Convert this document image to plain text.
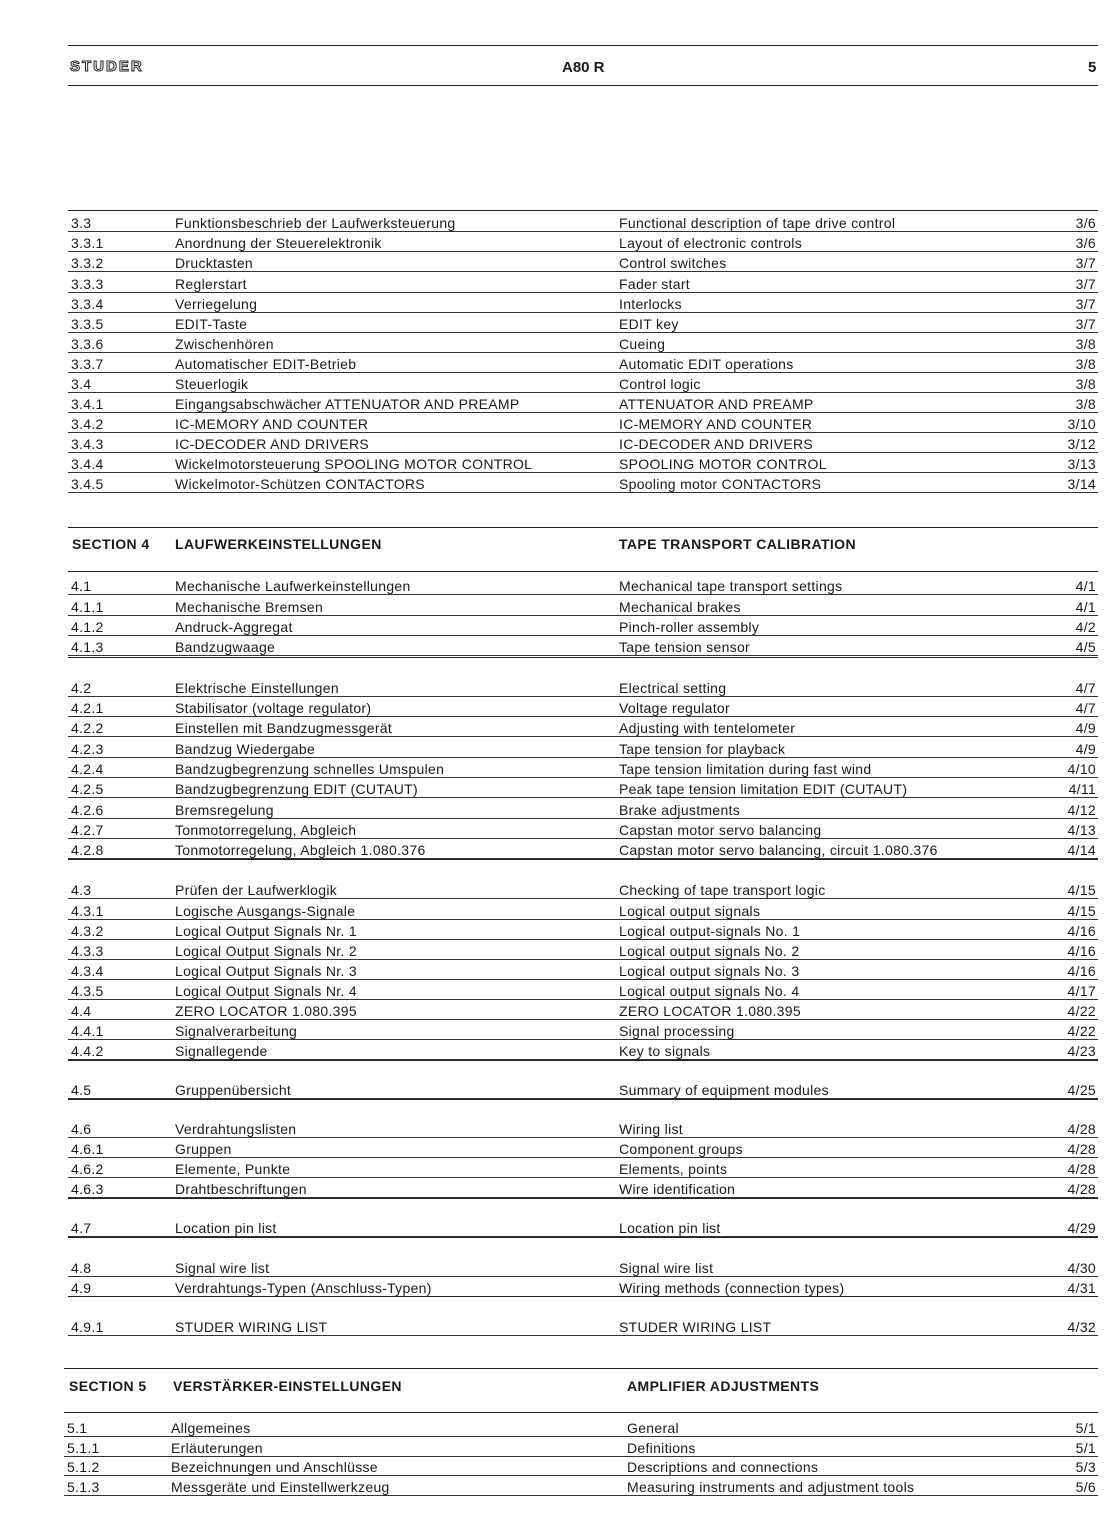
STUDER	A80 R	5
SECTION 4 LAUFWERKEINSTELLUNGEN	TAPE TRANSPORT CALIBRATION
SECTION 5 VERSTÄRKER-EINSTELLUNGEN	AMPLIFIER ADJUSTMENTS
3.3	Funktionsbeschrieb der Laufwerksteuerung	Functional description of tape drive control	3/6
3.3.1	Anordnung der Steuerelektronik	Layout of electronic controls	3/6
3.3.2	Drucktasten	Control switches	3/7
3.3.3	Reglerstart	Fader start	3/7
3.3.4	Verriegelung	Interlocks	3/7
3.3.5	EDIT-Taste	EDIT key	3/7
3.3.6	Zwischenhören	Cueing	3/8
3.3.7	Automatischer EDIT-Betrieb	Automatic EDIT operations	3/8
3.4	Steuerlogik	Control logic	3/8
3.4.1	Eingangsabschwächer ATTENUATOR AND PREAMP	ATTENUATOR AND PREAMP	3/8
3.4.2	IC-MEMORY AND COUNTER	IC-MEMORY AND COUNTER	3/10
3.4.3	IC-DECODER AND DRIVERS	IC-DECODER AND DRIVERS	3/12
3.4.4	Wickelmotorsteuerung SPOOLING MOTOR CONTROL	SPOOLING MOTOR CONTROL	3/13
3.4.5	Wickelmotor-Schützen CONTACTORS	Spooling motor CONTACTORS	3/14
4.1	Mechanische Laufwerkeinstellungen	Mechanical tape transport settings	4/1
4.1.1	Mechanische Bremsen	Mechanical brakes	4/1
4.1.2	Andruck-Aggregat	Pinch-roller assembly	4/2
4.1.3	Bandzugwaage	Tape tension sensor	4/5
4.2	Elektrische Einstellungen	Electrical setting	4/7
4.2.1	Stabilisator (voltage regulator)	Voltage regulator	4/7
4.2.2	Einstellen mit Bandzugmessgerät	Adjusting with tentelometer	4/9
4.2.3	Bandzug Wiedergabe	Tape tension for playback	4/9
4.2.4	Bandzugbegrenzung schnelles Umspulen	Tape tension limitation during fast wind	4/10
4.2.5	Bandzugbegrenzung EDIT (CUTAUT)	Peak tape tension limitation EDIT (CUTAUT)	4/11
4.2.6	Bremsregelung	Brake adjustments	4/12
4.2.7	Tonmotorregelung, Abgleich	Capstan motor servo balancing	4/13
4.2.8	Tonmotorregelung, Abgleich 1.080.376	Capstan motor servo balancing, circuit 1.080.376	4/14
4.3	Prüfen der Laufwerklogik	Checking of tape transport logic	4/15
4.3.1	Logische Ausgangs-Signale	Logical output signals	4/15
4.3.2	Logical Output Signals Nr. 1	Logical output-signals No. 1	4/16
4.3.3	Logical Output Signals Nr. 2	Logical output signals No. 2	4/16
4.3.4	Logical Output Signals Nr. 3	Logical output signals No. 3	4/16
4.3.5	Logical Output Signals Nr. 4	Logical output signals No. 4	4/17
4.4	ZERO LOCATOR 1.080.395	ZERO LOCATOR 1.080.395	4/22
4.4.1	Signalverarbeitung	Signal processing	4/22
4.4.2	Signallegende	Key to signals	4/23
4.5	Gruppenübersicht	Summary of equipment modules	4/25
4.6	Verdrahtungslisten	Wiring list	4/28
4.6.1	Gruppen	Component groups	4/28
4.6.2	Elemente, Punkte	Elements, points	4/28
4.6.3	Drahtbeschriftungen	Wire identification	4/28
4.7	Location pin list	Location pin list	4/29
4.8	Signal wire list	Signal wire list	4/30
4.9	Verdrahtungs-Typen (Anschluss-Typen)	Wiring methods (connection types)	4/31
4.9.1	STUDER WIRING LIST	STUDER WIRING LIST	4/32
5.1	Allgemeines	General	5/1
5.1.1	Erläuterungen	Definitions	5/1
5.1.2	Bezeichnungen und Anschlüsse	Descriptions and connections	5/3
5.1.3	Messgeräte und Einstellwerkzeug	Measuring instruments and adjustment tools	5/6
